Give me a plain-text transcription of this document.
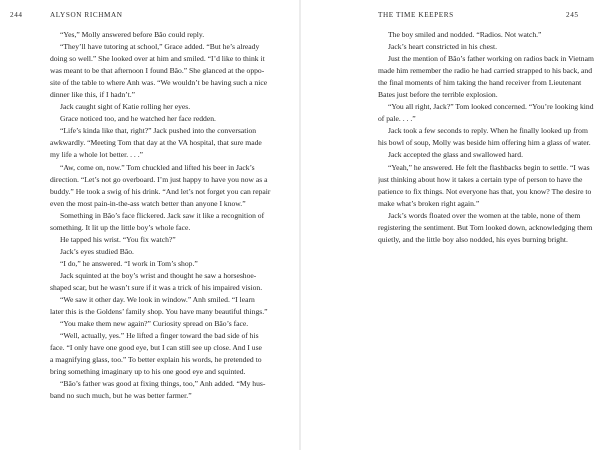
244	ALYSON RICHMAN
“Yes,” Molly answered before Bão could reply.
“They’ll have tutoring at school,” Grace added. “But he’s already
doing so well.” She looked over at him and smiled. “I’d like to think it
was meant to be that afternoon I found Bão.” She glanced at the oppo-
site of the table to where Anh was. “We wouldn’t be having such a nice
dinner like this, if I hadn’t.”
Jack caught sight of Katie rolling her eyes.
Grace noticed too, and he watched her face redden.
“Life’s kinda like that, right?” Jack pushed into the conversation
awkwardly. “Meeting Tom that day at the VA hospital, that sure made
my life a whole lot better. . . .”
“Aw, come on, now.” Tom chuckled and lifted his beer in Jack’s
direction. “Let’s not go overboard. I’m just happy to have you now as a
buddy.” He took a swig of his drink. “And let’s not forget you can repair
even the most pain-in-the-ass watch better than anyone I know.”
Something in Bão’s face flickered. Jack saw it like a recognition of
something. It lit up the little boy’s whole face.
He tapped his wrist. “You fix watch?”
Jack’s eyes studied Bão.
“I do,” he answered. “I work in Tom’s shop.”
Jack squinted at the boy’s wrist and thought he saw a horseshoe-
shaped scar, but he wasn’t sure if it was a trick of his impaired vision.
“We saw it other day. We look in window.” Anh smiled. “I learn
later this is the Goldens’ family shop. You have many beautiful things.”
“You make them new again?” Curiosity spread on Bão’s face.
“Well, actually, yes.” He lifted a finger toward the bad side of his
face. “I only have one good eye, but I can still see up close. And I use
a magnifying glass, too.” To better explain his words, he pretended to
bring something imaginary up to his one good eye and squinted.
“Bão’s father was good at fixing things, too,” Anh added. “My hus-
band no such much, but he was better farmer.”
THE TIME KEEPERS	245
The boy smiled and nodded. “Radios. Not watch.”
Jack’s heart constricted in his chest.
Just the mention of Bão’s father working on radios back in Vietnam
made him remember the radio he had carried strapped to his back, and
the final moments of him taking the hand receiver from Lieutenant
Bates just before the terrible explosion.
“You all right, Jack?” Tom looked concerned. “You’re looking kind
of pale. . . .”
Jack took a few seconds to reply. When he finally looked up from
his bowl of soup, Molly was beside him offering him a glass of water.
Jack accepted the glass and swallowed hard.
“Yeah,” he answered. He felt the flashbacks begin to settle. “I was
just thinking about how it takes a certain type of person to have the
patience to fix things. Not everyone has that, you know? The desire to
make what’s broken right again.”
Jack’s words floated over the women at the table, none of them
registering the sentiment. But Tom looked down, acknowledging them
quietly, and the little boy also nodded, his eyes burning bright.
